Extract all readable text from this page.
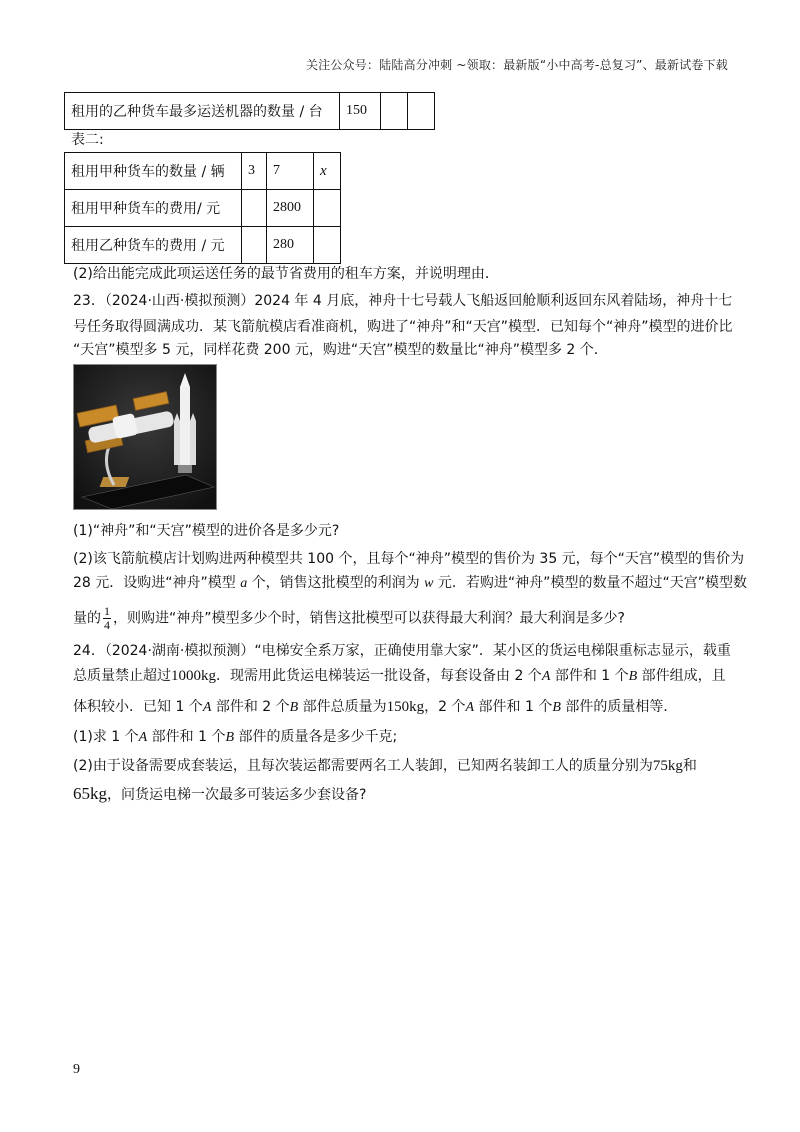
关注公众号：陆陆高分冲刺 ~领取：最新版“小中高考-总复习”、最新试卷下载
租用的乙种货车最多运送机器的数量 / 台	150		
表二:
租用甲种货车的数量 / 辆	3	7	x
租用甲种货车的费用/ 元		2800	
租用乙种货车的费用 / 元		280	
(2)给出能完成此项运送任务的最节省费用的租车方案，并说明理由．
23．（2024·山西·模拟预测）2024 年 4 月底，神舟十七号载人飞船返回舱顺利返回东风着陆场，神舟十七
号任务取得圆满成功．某飞箭航模店看准商机，购进了“神舟”和“天宫”模型．已知每个“神舟”模型的进价比
“天宫”模型多 5 元，同样花费 200 元，购进“天宫”模型的数量比“神舟”模型多 2 个．
(1)“神舟”和“天宫”模型的进价各是多少元?
(2)该飞箭航模店计划购进两种模型共 100 个，且每个“神舟”模型的售价为 35 元，每个“天宫”模型的售价为
28 元．设购进“神舟”模型 a 个，销售这批模型的利润为 w 元．若购进“神舟”模型的数量不超过“天宫”模型数
量的 $\frac{1}{4}$ ，则购进“神舟”模型多少个时，销售这批模型可以获得最大利润？最大利润是多少?
24．（2024·湖南·模拟预测）“电梯安全系万家，正确使用靠大家”．某小区的货运电梯限重标志显示，载重
总质量禁止超过1000kg．现需用此货运电梯装运一批设备，每套设备由 2 个A 部件和 1 个B 部件组成，且
体积较小．已知 1 个A 部件和 2 个B 部件总质量为150kg，2 个A 部件和 1 个B 部件的质量相等．
(1)求 1 个A 部件和 1 个B 部件的质量各是多少千克;
(2)由于设备需要成套装运，且每次装运都需要两名工人装卸，已知两名装卸工人的质量分别为75kg和
65kg，问货运电梯一次最多可装运多少套设备?
9
